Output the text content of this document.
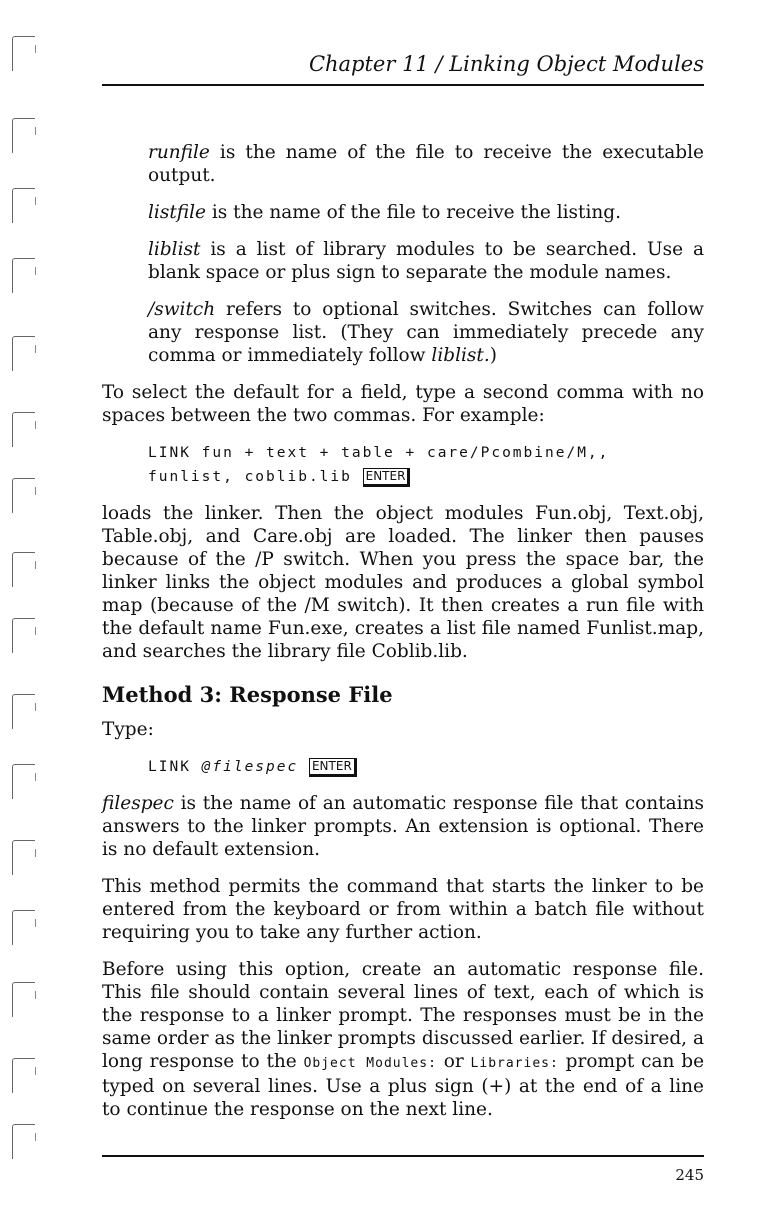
Chapter 11 / Linking Object Modules

runfile is the name of the file to receive the executable output.

listfile is the name of the file to receive the listing.

liblist is a list of library modules to be searched. Use a blank space or plus sign to separate the module names.

/switch refers to optional switches. Switches can follow any response list. (They can immediately precede any comma or immediately follow liblist.)

To select the default for a field, type a second comma with no spaces between the two commas. For example:

LINK fun + text + table + care/Pcombine/M,,
funlist, coblib.lib ENTER

loads the linker. Then the object modules Fun.obj, Text.obj, Table.obj, and Care.obj are loaded. The linker then pauses because of the /P switch. When you press the space bar, the linker links the object modules and produces a global symbol map (because of the /M switch). It then creates a run file with the default name Fun.exe, creates a list file named Funlist.map, and searches the library file Coblib.lib.

Method 3: Response File

Type:

LINK @filespec ENTER

filespec is the name of an automatic response file that contains answers to the linker prompts. An extension is optional. There is no default extension.

This method permits the command that starts the linker to be entered from the keyboard or from within a batch file without requiring you to take any further action.

Before using this option, create an automatic response file. This file should contain several lines of text, each of which is the response to a linker prompt. The responses must be in the same order as the linker prompts discussed earlier. If desired, a long response to the Object Modules: or Libraries: prompt can be typed on several lines. Use a plus sign (+) at the end of a line to continue the response on the next line.

245
